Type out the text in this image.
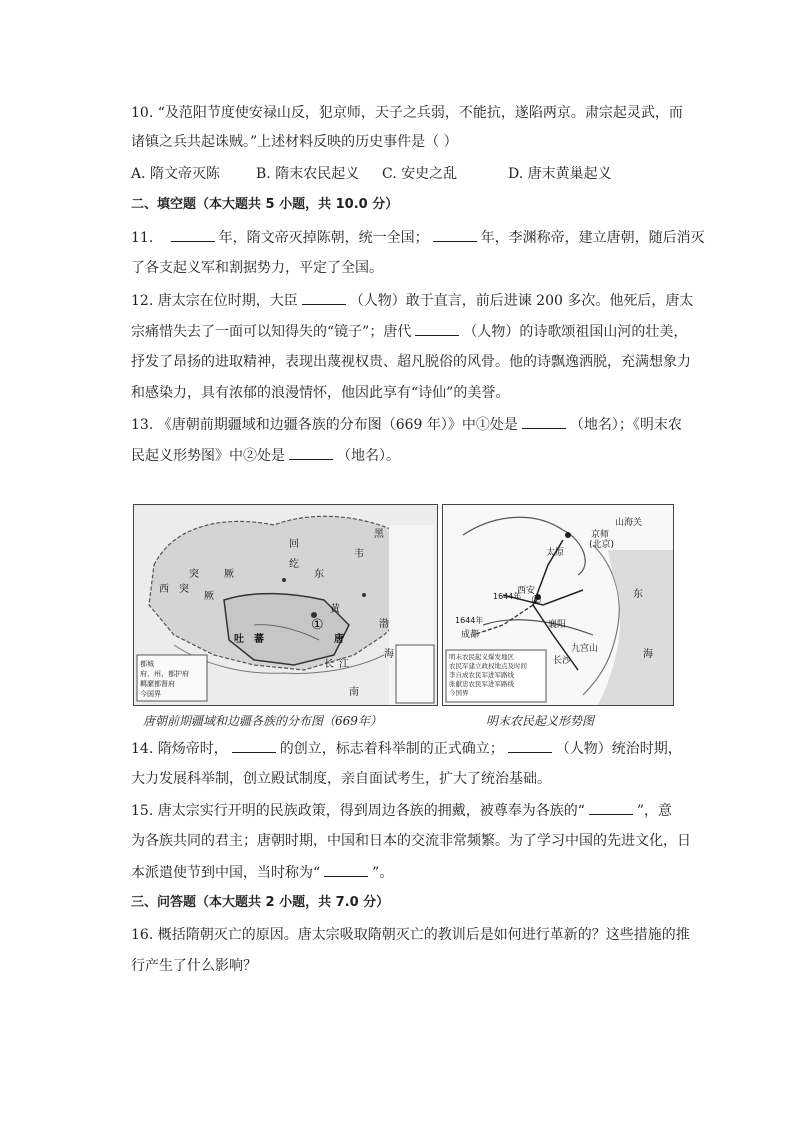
10. “及范阳节度使安禄山反，犯京师，天子之兵弱，不能抗，遂陷两京。肃宗起灵武，而
诸镇之兵共起诛贼。”上述材料反映的历史事件是（ ）
A. 隋文帝灭陈	B. 隋末农民起义 C. 安史之乱	D. 唐末黄巢起义
二、填空题（本大题共 5 小题，共 10.0 分）
11.	年，隋文帝灭掉陈朝，统一全国；	年，李渊称帝，建立唐朝，随后消灭
了各支起义军和割据势力，平定了全国。
12. 唐太宗在位时期，大臣	（人物）敢于直言，前后进谏 200 多次。他死后，唐太
宗痛惜失去了一面可以知得失的“镜子”；唐代	（人物）的诗歌颂祖国山河的壮美，
抒发了昂扬的进取精神，表现出蔑视权贵、超凡脱俗的风骨。他的诗飘逸洒脱，充满想象力
和感染力，具有浓郁的浪漫情怀，他因此享有“诗仙”的美誉。
13. 《唐朝前期疆域和边疆各族的分布图（669 年）》中①处是	（地名）；《明末农
民起义形势图》中②处是	（地名）。
回
纥
突	厥
西 突
厥
东
韦
黑
黄
吐 蕃	唐
渤
长 江
海
南
①
都城
府、州、都护府
羁縻都督府
今国界
京师
(北京)
山海关
太原
西安
1644年
1644年
成都
长沙
九宫山
东
海
②
襄阳
明末农民起义爆发地区
农民军建立政权地点及时间
李自成农民军进军路线
张献忠农民军进军路线
今国界
唐朝前期疆域和边疆各族的分布图（669年）	明末农民起义形势图
14. 隋炀帝时，	的创立，标志着科举制的正式确立；	（人物）统治时期，
大力发展科举制，创立殿试制度，亲自面试考生，扩大了统治基础。
15. 唐太宗实行开明的民族政策，得到周边各族的拥戴，被尊奉为各族的“	”，意
为各族共同的君主；唐朝时期，中国和日本的交流非常频繁。为了学习中国的先进文化，日
本派遣使节到中国，当时称为“	”。
三、问答题（本大题共 2 小题，共 7.0 分）
16. 概括隋朝灭亡的原因。唐太宗吸取隋朝灭亡的教训后是如何进行革新的？这些措施的推
行产生了什么影响？
